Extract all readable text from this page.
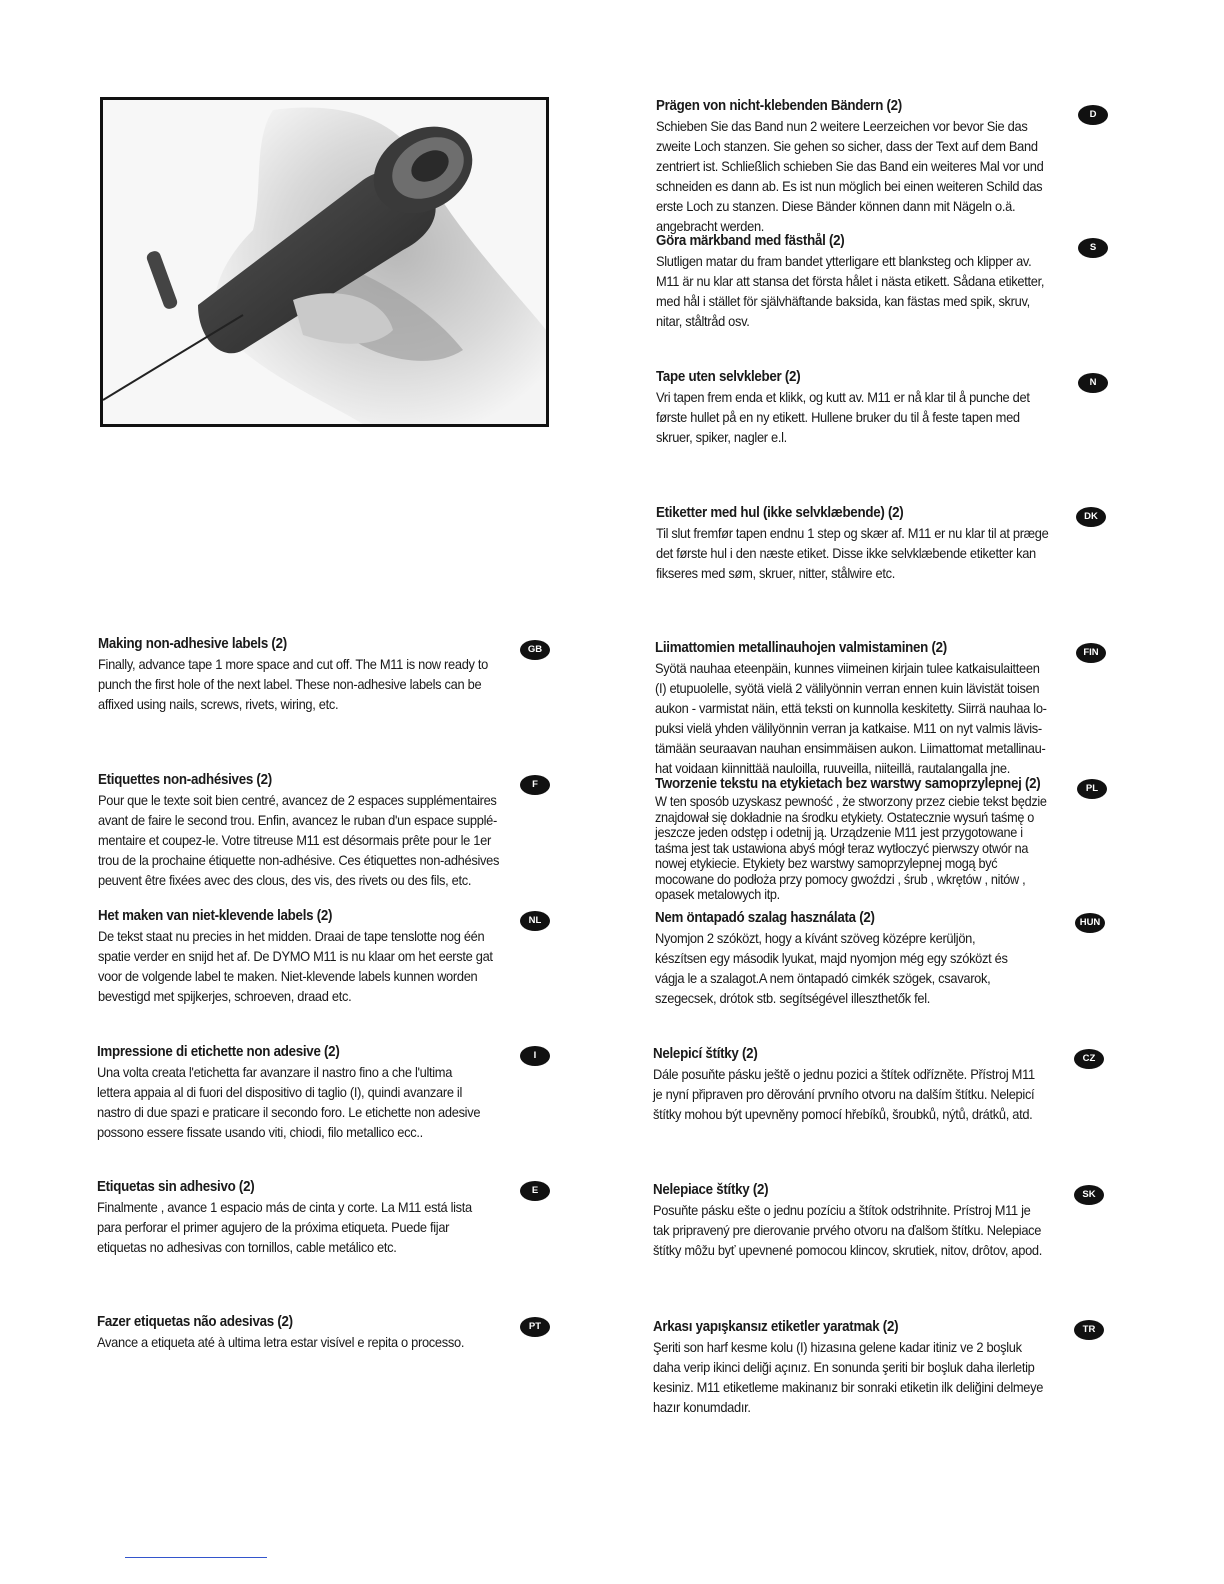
Making non-adhesive labels (2)

Finally, advance tape 1 more space and cut off. The M11 is now ready to
punch the first hole of the next label. These non-adhesive labels can be
affixed using nails, screws, rivets, wiring, etc.

GB
Etiquettes non-adhésives (2)

Pour que le texte soit bien centré, avancez de 2 espaces supplémentaires
avant de faire le second trou. Enfin, avancez le ruban d'un espace supplé-
mentaire et coupez-le. Votre titreuse M11 est désormais prête pour le 1er
trou de la prochaine étiquette non-adhésive. Ces étiquettes non-adhésives
peuvent être fixées avec des clous, des vis, des rivets ou des fils, etc.

F
Het maken van niet-klevende labels (2)

De tekst staat nu precies in het midden. Draai de tape tenslotte nog één
spatie verder en snijd het af. De DYMO M11 is nu klaar om het eerste gat
voor de volgende label te maken. Niet-klevende labels kunnen worden
bevestigd met spijkerjes, schroeven, draad etc.

NL
Impressione di etichette non adesive (2)

Una volta creata l'etichetta far avanzare il nastro fino a che l'ultima
lettera appaia al di fuori del dispositivo di taglio (I), quindi avanzare il
nastro di due spazi e praticare il secondo foro. Le etichette non adesive
possono essere fissate usando viti, chiodi, filo metallico ecc..

I
Etiquetas sin adhesivo (2)

Finalmente , avance 1 espacio más de cinta y corte. La M11 está lista
para perforar el primer agujero de la próxima etiqueta. Puede fijar
etiquetas no adhesivas con tornillos, cable metálico etc.

E
Fazer etiquetas não adesivas (2)

Avance a etiqueta até à ultima letra estar visível e repita o processo.

PT
Prägen von nicht-klebenden Bändern (2)

Schieben Sie das Band nun 2 weitere Leerzeichen vor bevor Sie das
zweite Loch stanzen. Sie gehen so sicher, dass der Text auf dem Band
zentriert ist. Schließlich schieben Sie das Band ein weiteres Mal vor und
schneiden es dann ab. Es ist nun möglich bei einen weiteren Schild das
erste Loch zu stanzen. Diese Bänder können dann mit Nägeln o.ä.
angebracht werden.

D
Göra märkband med fästhål (2)

Slutligen matar du fram bandet ytterligare ett blanksteg och klipper av.
M11 är nu klar att stansa det första hålet i nästa etikett. Sådana etiketter,
med hål i stället för självhäftande baksida, kan fästas med spik, skruv,
nitar, ståltråd osv.

S
Tape uten selvkleber (2)

Vri tapen frem enda et klikk, og kutt av. M11 er nå klar til å punche det
første hullet på en ny etikett. Hullene bruker du til å feste tapen med
skruer, spiker, nagler e.l.

N
Etiketter med hul (ikke selvklæbende) (2)

Til slut fremfør tapen endnu 1 step og skær af. M11 er nu klar til at præge
det første hul i den næste etiket. Disse ikke selvklæbende etiketter kan
fikseres med søm, skruer, nitter, stålwire etc.

DK
Liimattomien metallinauhojen valmistaminen (2)

Syötä nauhaa eteenpäin, kunnes viimeinen kirjain tulee katkaisulaitteen
(I) etupuolelle, syötä vielä 2 välilyönnin verran ennen kuin lävistät toisen
aukon - varmistat näin, että teksti on kunnolla keskitetty. Siirrä nauhaa lo-
puksi vielä yhden välilyönnin verran ja katkaise. M11 on nyt valmis lävis-
tämään seuraavan nauhan ensimmäisen aukon. Liimattomat metallinau-
hat voidaan kiinnittää nauloilla, ruuveilla, niiteillä, rautalangalla jne.

FIN
Tworzenie tekstu na etykietach bez warstwy samoprzylepnej (2)

W ten sposób uzyskasz pewność , że stworzony przez ciebie tekst będzie
znajdował się dokładnie na środku etykiety. Ostatecznie wysuń taśmę o
jeszcze jeden odstęp i odetnij ją. Urządzenie M11 jest przygotowane i
taśma jest tak ustawiona abyś mógł teraz wytłoczyć pierwszy otwór na
nowej etykiecie. Etykiety bez warstwy samoprzylepnej mogą być
mocowane do podłoża przy pomocy gwoździ , śrub , wkrętów , nitów ,
opasek metalowych itp.

PL
Nem öntapadó szalag használata (2)

Nyomjon 2 szóközt, hogy a kívánt szöveg középre kerüljön,
készítsen egy második lyukat, majd nyomjon még egy szóközt és
vágja le a szalagot.A nem öntapadó cimkék szögek, csavarok,
szegecsek, drótok stb. segítségével illeszthetők fel.

HUN
Nelepicí štítky (2)

Dále posuňte pásku ještě o jednu pozici a štítek odřízněte. Přístroj M11
je nyní připraven pro děrování prvního otvoru na dalším štítku. Nelepicí
štítky mohou být upevněny pomocí hřebíků, šroubků, nýtů, drátků, atd.

CZ
Nelepiace štítky (2)

Posuňte pásku ešte o jednu pozíciu a štítok odstrihnite. Prístroj M11 je
tak pripravený pre dierovanie prvého otvoru na ďalšom štítku. Nelepiace
štítky môžu byť upevnené pomocou klincov, skrutiek, nitov, drôtov, apod.

SK
Arkası yapışkansız etiketler yaratmak (2)

Şeriti son harf kesme kolu (I) hizasına gelene kadar itiniz ve 2 boşluk
daha verip ikinci deliği açınız. En sonunda şeriti bir boşluk daha ilerletip
kesiniz. M11 etiketleme makinanız bir sonraki etiketin ilk deliğini delmeye
hazır konumdadır.

TR
